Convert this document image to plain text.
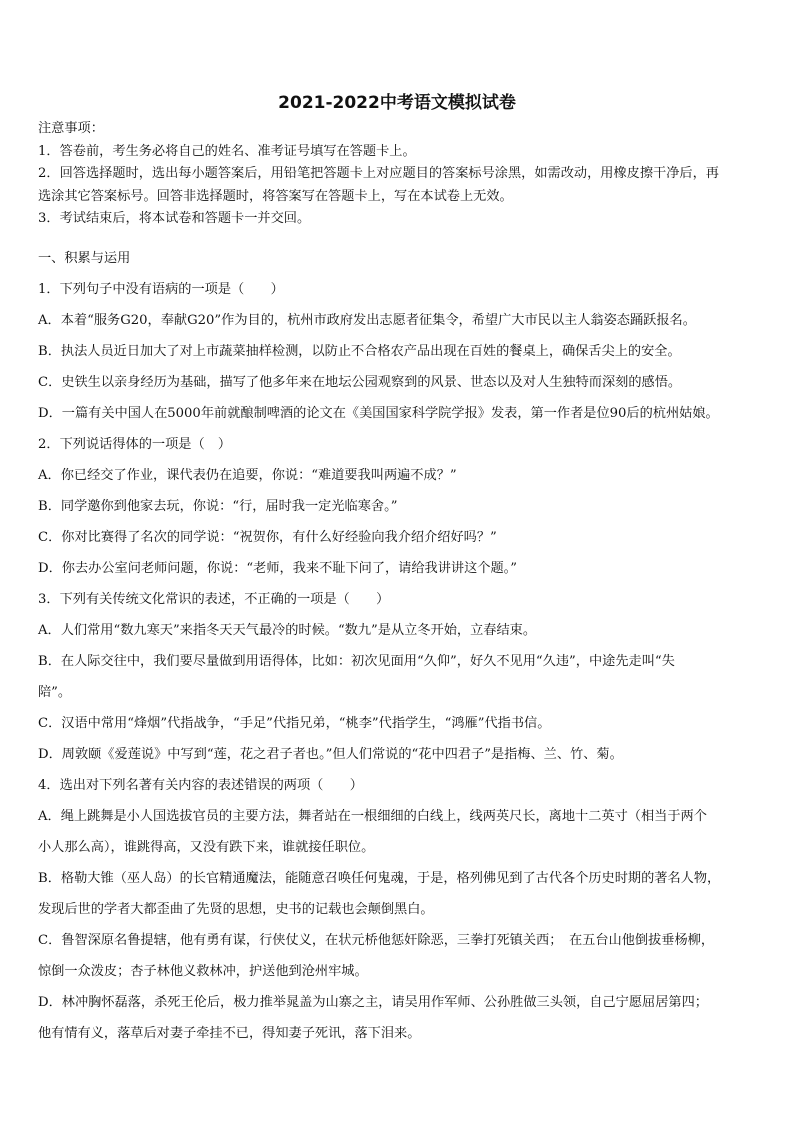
2021-2022中考语文模拟试卷

注意事项：

1．答卷前，考生务必将自己的姓名、准考证号填写在答题卡上。

2．回答选择题时，选出每小题答案后，用铅笔把答题卡上对应题目的答案标号涂黑，如需改动，用橡皮擦干净后，再

选涂其它答案标号。回答非选择题时，将答案写在答题卡上，写在本试卷上无效。

3．考试结束后，将本试卷和答题卡一并交回。

一、积累与运用

1．下列句子中没有语病的一项是（　　）

A．本着“服务G20，奉献G20”作为目的，杭州市政府发出志愿者征集令，希望广大市民以主人翁姿态踊跃报名。

B．执法人员近日加大了对上市蔬菜抽样检测，以防止不合格农产品出现在百姓的餐桌上，确保舌尖上的安全。

C．史铁生以亲身经历为基础，描写了他多年来在地坛公园观察到的风景、世态以及对人生独特而深刻的感悟。

D．一篇有关中国人在5000年前就酿制啤酒的论文在《美国国家科学院学报》发表，第一作者是位90后的杭州姑娘。

2．下列说话得体的一项是（　）

A．你已经交了作业，课代表仍在追要，你说：“难道要我叫两遍不成？”

B．同学邀你到他家去玩，你说：“行，届时我一定光临寒舍。”

C．你对比赛得了名次的同学说：“祝贺你，有什么好经验向我介绍介绍好吗？”

D．你去办公室问老师问题，你说：“老师，我来不耻下问了，请给我讲讲这个题。”

3．下列有关传统文化常识的表述，不正确的一项是（　　）

A．人们常用“数九寒天”来指冬天天气最冷的时候。“数九”是从立冬开始，立春结束。

B．在人际交往中，我们要尽量做到用语得体，比如：初次见面用“久仰”，好久不见用“久违”，中途先走叫“失

陪”。

C．汉语中常用“烽烟”代指战争，“手足”代指兄弟，“桃李”代指学生，“鸿雁”代指书信。

D．周敦颐《爱莲说》中写到“莲，花之君子者也。”但人们常说的“花中四君子”是指梅、兰、竹、菊。

4．选出对下列名著有关内容的表述错误的两项（　　）

A．绳上跳舞是小人国选拔官员的主要方法，舞者站在一根细细的白线上，线两英尺长，离地十二英寸（相当于两个

小人那么高），谁跳得高，又没有跌下来，谁就接任职位。

B．格勒大锥（巫人岛）的长官精通魔法，能随意召唤任何鬼魂，于是，格列佛见到了古代各个历史时期的著名人物，

发现后世的学者大都歪曲了先贤的思想，史书的记载也会颠倒黑白。

C．鲁智深原名鲁提辖，他有勇有谋，行侠仗义，在状元桥他惩奸除恶，三拳打死镇关西；　在五台山他倒拔垂杨柳，

惊倒一众泼皮；杏子林他义救林冲，护送他到沧州牢城。

D．林冲胸怀磊落，杀死王伦后，极力推举晁盖为山寨之主，请吴用作军师、公孙胜做三头领，自己宁愿屈居第四；

他有情有义，落草后对妻子牵挂不已，得知妻子死讯，落下泪来。
